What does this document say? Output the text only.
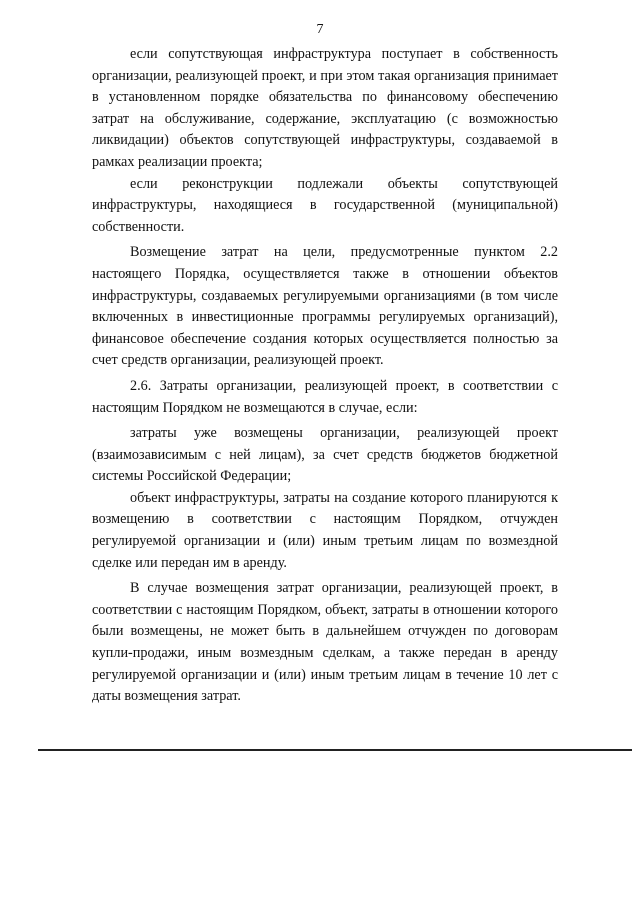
7

если сопутствующая инфраструктура поступает в собственность организации, реализующей проект, и при этом такая организация принимает в установленном порядке обязательства по финансовому обеспечению затрат на обслуживание, содержание, эксплуатацию (с возможностью ликвидации) объектов сопутствующей инфраструктуры, создаваемой в рамках реализации проекта;

если реконструкции подлежали объекты сопутствующей инфраструктуры, находящиеся в государственной (муниципальной) собственности.

Возмещение затрат на цели, предусмотренные пунктом 2.2 настоящего Порядка, осуществляется также в отношении объектов инфраструктуры, создаваемых регулируемыми организациями (в том числе включенных в инвестиционные программы регулируемых организаций), финансовое обеспечение создания которых осуществляется полностью за счет средств организации, реализующей проект.

2.6. Затраты организации, реализующей проект, в соответствии с настоящим Порядком не возмещаются в случае, если:

затраты уже возмещены организации, реализующей проект (взаимозависимым с ней лицам), за счет средств бюджетов бюджетной системы Российской Федерации;

объект инфраструктуры, затраты на создание которого планируются к возмещению в соответствии с настоящим Порядком, отчужден регулируемой организации и (или) иным третьим лицам по возмездной сделке или передан им в аренду.

В случае возмещения затрат организации, реализующей проект, в соответствии с настоящим Порядком, объект, затраты в отношении которого были возмещены, не может быть в дальнейшем отчужден по договорам купли-продажи, иным возмездным сделкам, а также передан в аренду регулируемой организации и (или) иным третьим лицам в течение 10 лет с даты возмещения затрат.
